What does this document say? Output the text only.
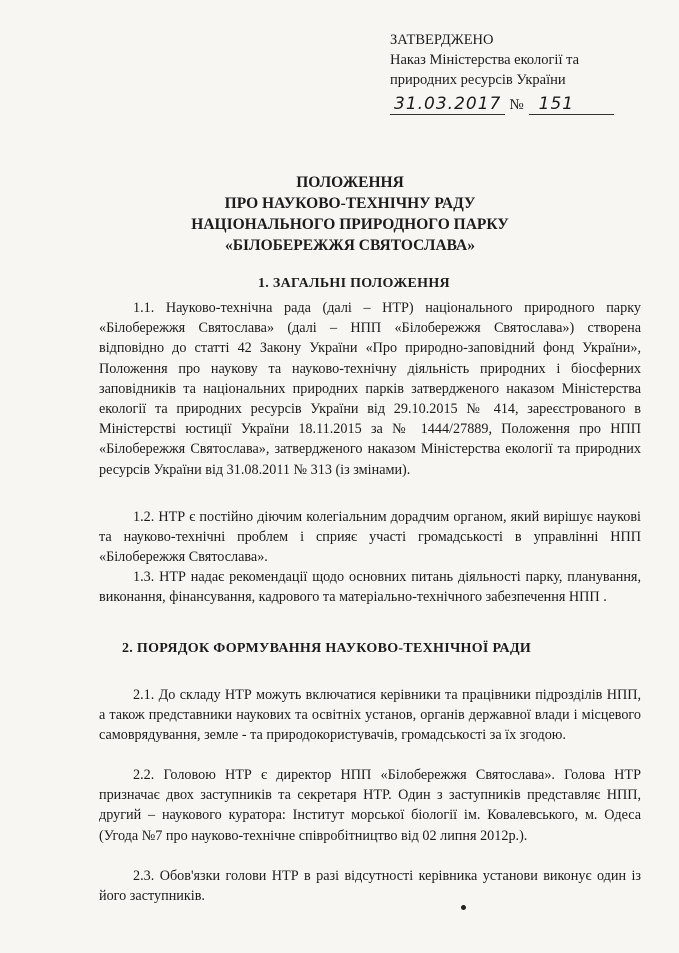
ЗАТВЕРДЖЕНО
Наказ Міністерства екології та
природних ресурсів України
31.03.2017 № 151
ПОЛОЖЕННЯ
ПРО НАУКОВО-ТЕХНІЧНУ РАДУ
НАЦІОНАЛЬНОГО ПРИРОДНОГО ПАРКУ
«БІЛОБЕРЕЖЖЯ СВЯТОСЛАВА»
1. ЗАГАЛЬНІ ПОЛОЖЕННЯ

1.1. Науково-технічна рада (далі – НТР) національного природного парку «Білобережжя Святослава» (далі – НПП «Білобережжя Святослава») створена відповідно до статті 42 Закону України «Про природно-заповідний фонд України», Положення про наукову та науково-технічну діяльність природних і біосферних заповідників та національних природних парків затвердженого наказом Міністерства екології та природних ресурсів України від 29.10.2015 № 414, зареєстрованого в Міністерстві юстиції України 18.11.2015 за № 1444/27889, Положення про НПП «Білобережжя Святослава», затвердженого наказом Міністерства екології та природних ресурсів України від 31.08.2011 № 313 (із змінами).

1.2. НТР є постійно діючим колегіальним дорадчим органом, який вирішує наукові та науково-технічні проблем і сприяє участі громадськості в управлінні НПП «Білобережжя Святослава».

1.3. НТР надає рекомендації щодо основних питань діяльності парку, планування, виконання, фінансування, кадрового та матеріально-технічного забезпечення НПП .

2. ПОРЯДОК ФОРМУВАННЯ НАУКОВО-ТЕХНІЧНОЇ РАДИ

2.1. До складу НТР можуть включатися керівники та працівники підрозділів НПП, а також представники наукових та освітніх установ, органів державної влади і місцевого самоврядування, земле - та природокористувачів, громадськості за їх згодою.

2.2. Головою НТР є директор НПП «Білобережжя Святослава». Голова НТР призначає двох заступників та секретаря НТР. Один з заступників представляє НПП, другий – наукового куратора: Інститут морської біології ім. Ковалевського, м. Одеса (Угода №7 про науково-технічне співробітництво від 02 липня 2012р.).

2.3. Обов'язки голови НТР в разі відсутності керівника установи виконує один із його заступників.
